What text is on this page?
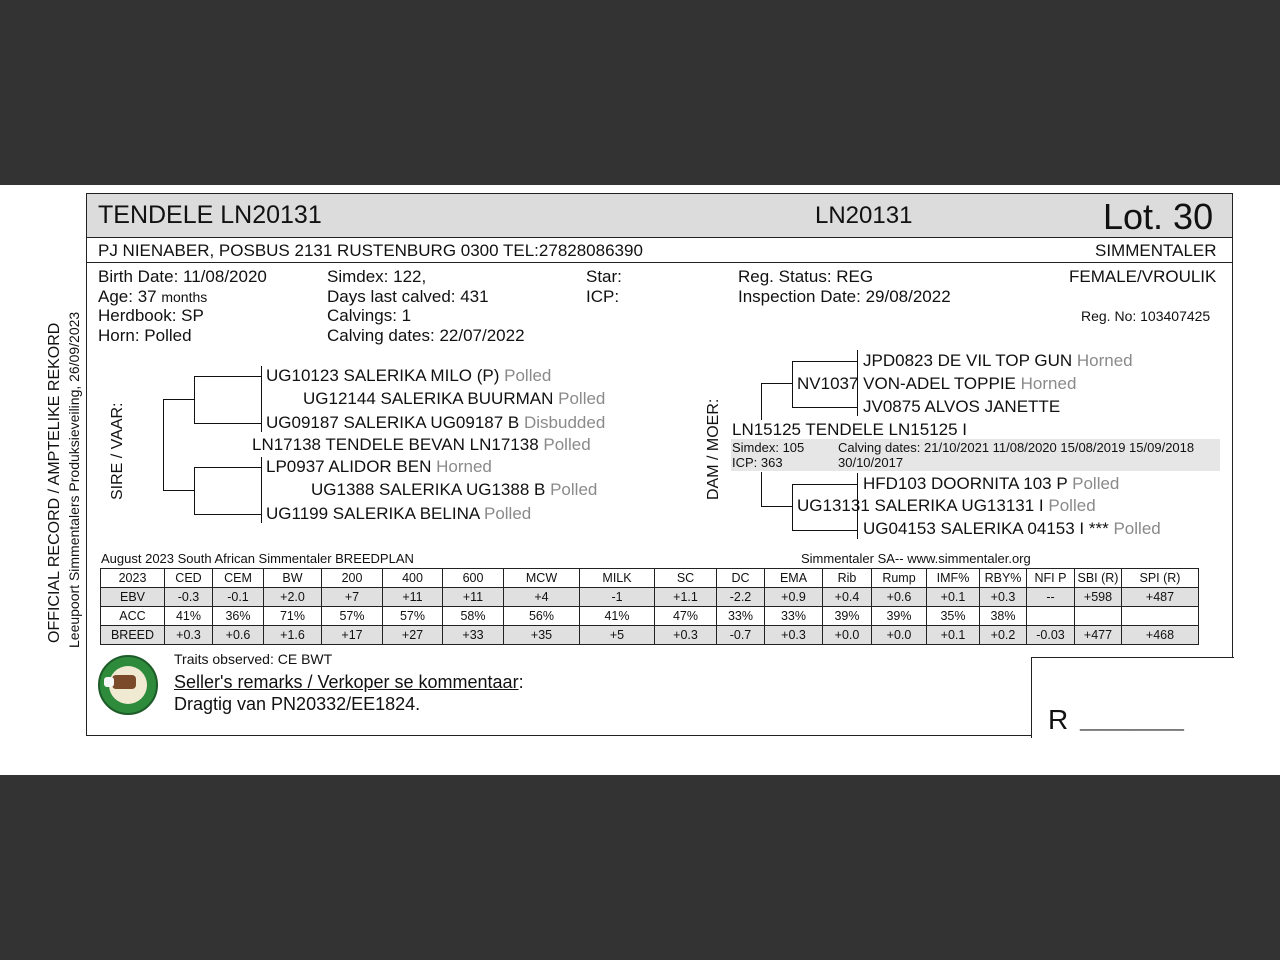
TENDELE LN20131	LN20131	Lot. 30
PJ NIENABER, POSBUS 2131 RUSTENBURG 0300 TEL:27828086390	SIMMENTALER
OFFICIAL RECORD / AMPTELIKE REKORD Leeupoort Simmentalers Produksieveiling, 26/09/2023
Birth Date: 11/08/2020
Age: 37 months
Herdbook: SP
Horn: Polled
Simdex: 122,
Days last calved: 431
Calvings: 1
Calving dates: 22/07/2022
Star:
ICP:
Reg. Status: REG
Inspection Date: 29/08/2022
FEMALE/VROULIK
Reg. No: 103407425
SIRE / VAAR:
UG10123 SALERIKA MILO (P) Polled
UG12144 SALERIKA BUURMAN Polled
UG09187 SALERIKA UG09187 B Disbudded
LN17138 TENDELE BEVAN LN17138 Polled
LP0937 ALIDOR BEN Horned
UG1388 SALERIKA UG1388 B Polled
UG1199 SALERIKA BELINA Polled
DAM / MOER:
JPD0823 DE VIL TOP GUN Horned
NV1037 VON-ADEL TOPPIE Horned
JV0875 ALVOS JANETTE
LN15125 TENDELE LN15125 I
Simdex: 105
ICP: 363
Calving dates: 21/10/2021 11/08/2020 15/08/2019 15/09/2018
30/10/2017
HFD103 DOORNITA 103 P Polled
UG13131 SALERIKA UG13131 I Polled
UG04153 SALERIKA 04153 I *** Polled
August 2023 South African Simmentaler BREEDPLAN	Simmentaler SA-- www.simmentaler.org
2023	CED	CEM	BW	200	400	600	MCW	MILK	SC	DC	EMA	Rib	Rump	IMF%	RBY%	NFI P	SBI (R)	SPI (R)
EBV	-0.3	-0.1	+2.0	+7	+11	+11	+4	-1	+1.1	-2.2	+0.9	+0.4	+0.6	+0.1	+0.3	--	+598	+487
ACC	41%	36%	71%	57%	57%	58%	56%	41%	47%	33%	33%	39%	39%	35%	38%			
BREED	+0.3	+0.6	+1.6	+17	+27	+33	+35	+5	+0.3	-0.7	+0.3	+0.0	+0.0	+0.1	+0.2	-0.03	+477	+468
Traits observed: CE BWT
Seller's remarks / Verkoper se kommentaar:
Dragtig van PN20332/EE1824.	R ___________
